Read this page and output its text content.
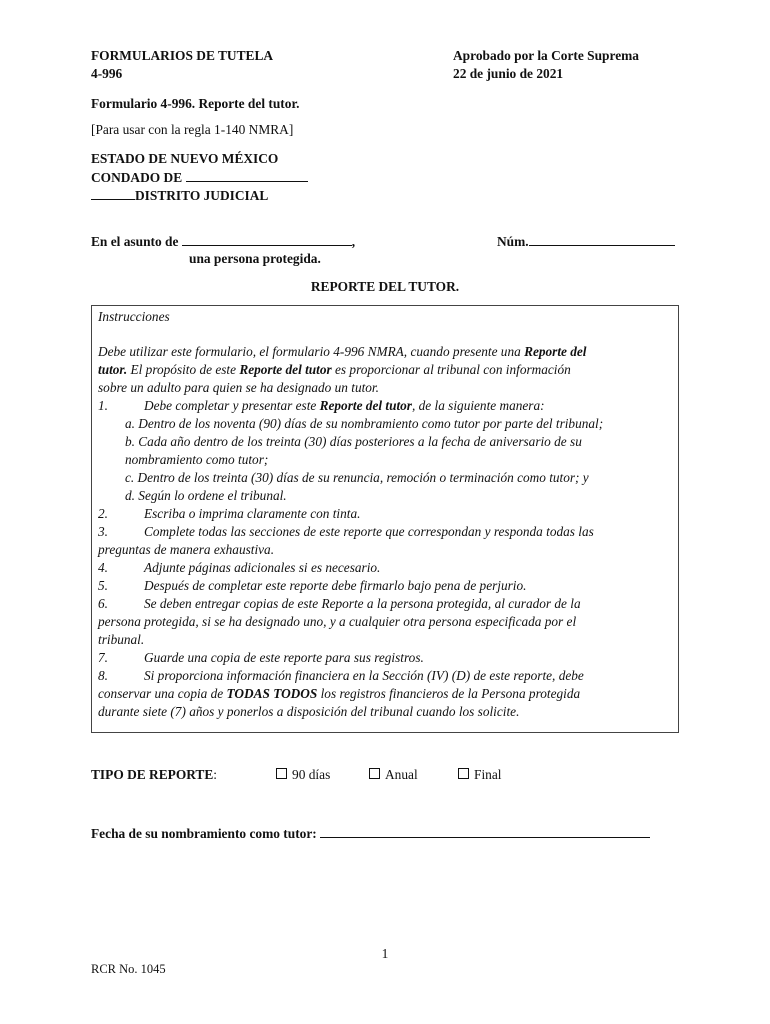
FORMULARIOS DE TUTELA
4-996
Aprobado por la Corte Suprema
22 de junio de 2021
Formulario 4-996. Reporte del tutor.
[Para usar con la regla 1-140 NMRA]
ESTADO DE NUEVO MÉXICO
CONDADO DE
DISTRITO JUDICIAL
En el asunto de	,
una persona protegida.
Núm.
REPORTE DEL TUTOR.
Instrucciones
Debe utilizar este formulario, el formulario 4-996 NMRA, cuando presente una Reporte del
tutor. El propósito de este Reporte del tutor es proporcionar al tribunal con información
sobre un adulto para quien se ha designado un tutor.
1.	Debe completar y presentar este Reporte del tutor, de la siguiente manera:
a. Dentro de los noventa (90) días de su nombramiento como tutor por parte del tribunal;
b. Cada año dentro de los treinta (30) días posteriores a la fecha de aniversario de su
nombramiento como tutor;
c. Dentro de los treinta (30) días de su renuncia, remoción o terminación como tutor; y
d. Según lo ordene el tribunal.
2.	Escriba o imprima claramente con tinta.
3.	Complete todas las secciones de este reporte que correspondan y responda todas las
preguntas de manera exhaustiva.
4.	Adjunte páginas adicionales si es necesario.
5.	Después de completar este reporte debe firmarlo bajo pena de perjurio.
6.	Se deben entregar copias de este Reporte a la persona protegida, al curador de la
persona protegida, si se ha designado uno, y a cualquier otra persona especificada por el
tribunal.
7.	Guarde una copia de este reporte para sus registros.
8.	Si proporciona información financiera en la Sección (IV) (D) de este reporte, debe
conservar una copia de TODAS TODOS los registros financieros de la Persona protegida
durante siete (7) años y ponerlos a disposición del tribunal cuando los solicite.
TIPO DE REPORTE:	90 días	Anual	Final
Fecha de su nombramiento como tutor:
1
RCR No. 1045
